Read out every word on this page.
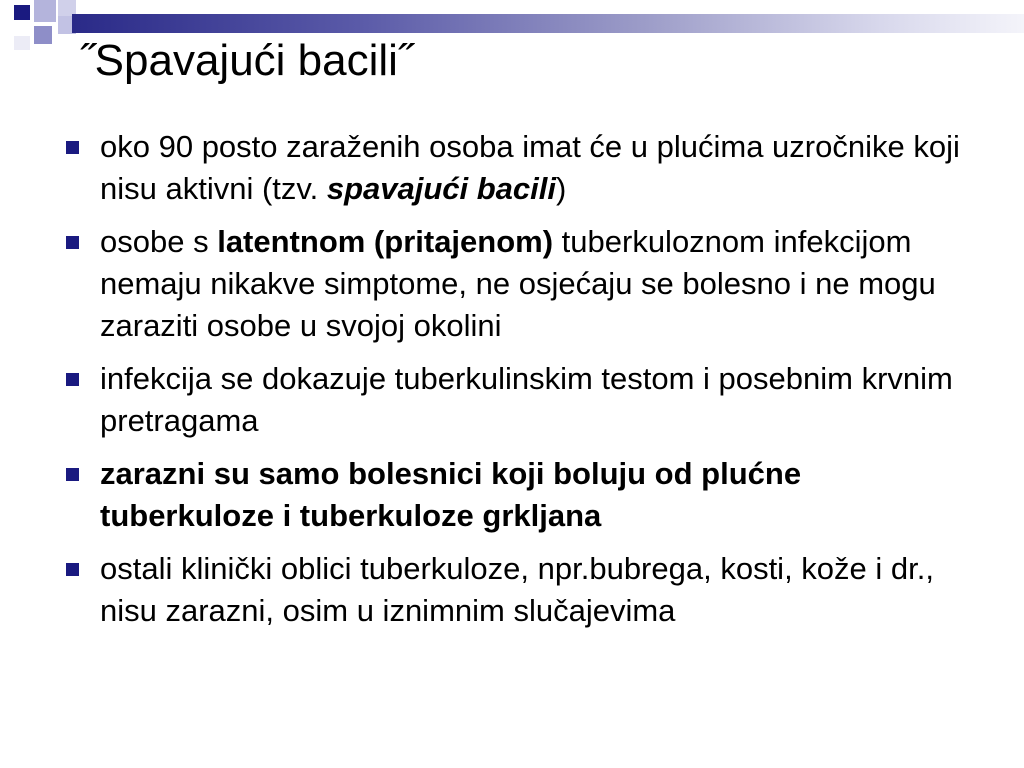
˝Spavajući bacili˝
oko 90 posto zaraženih osoba imat će u plućima uzročnike koji nisu aktivni (tzv. spavajući bacili)
osobe s latentnom (pritajenom) tuberkuloznom infekcijom nemaju nikakve simptome, ne osjećaju se bolesno i ne mogu zaraziti osobe u svojoj okolini
infekcija se dokazuje tuberkulinskim testom i posebnim krvnim pretragama
zarazni su samo bolesnici koji boluju od plućne tuberkuloze i tuberkuloze grkljana
ostali klinički oblici tuberkuloze, npr.bubrega, kosti, kože i dr., nisu zarazni, osim u iznimnim slučajevima
